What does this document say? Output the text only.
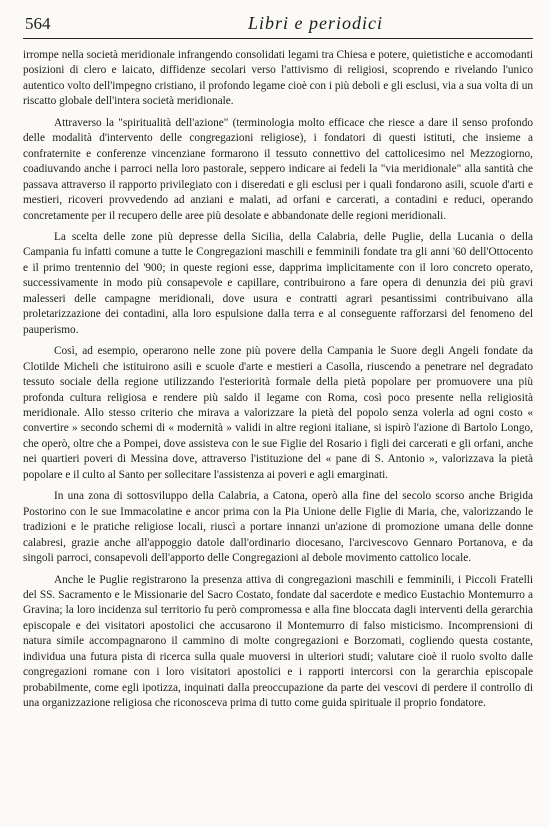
564	Libri e periodici

irrompe nella società meridionale infrangendo consolidati legami tra Chiesa e potere, quietistiche e accomodanti posizioni di clero e laicato, diffidenze secolari verso l'attivismo di religiosi, scoprendo e rivelando l'unico autentico volto dell'impegno cristiano, il profondo legame cioè con i più deboli e gli esclusi, via a sua volta di un riscatto globale dell'intera società meridionale.

Attraverso la "spiritualità dell'azione" (terminologia molto efficace che riesce a dare il senso profondo delle modalità d'intervento delle congregazioni religiose), i fondatori di questi istituti, che insieme a confraternite e conferenze vincenziane formarono il tessuto connettivo del cattolicesimo nel Mezzogiorno, coadiuvando anche i parroci nella loro pastorale, seppero indicare ai fedeli la "via meridionale" alla santità che passava attraverso il rapporto privilegiato con i diseredati e gli esclusi per i quali fondarono asili, scuole d'arti e mestieri, ricoveri provvedendo ad anziani e malati, ad orfani e carcerati, a contadini e reduci, operando concretamente per il recupero delle aree più desolate e abbandonate delle regioni meridionali.

La scelta delle zone più depresse della Sicilia, della Calabria, delle Puglie, della Lucania o della Campania fu infatti comune a tutte le Congregazioni maschili e femminili fondate tra gli anni '60 dell'Ottocento e il primo trentennio del '900; in queste regioni esse, dapprima implicitamente con il loro concreto operato, successivamente in modo più consapevole e capillare, contribuirono a fare opera di denunzia dei più gravi malesseri delle campagne meridionali, dove usura e contratti agrari pesantissimi contribuivano alla proletarizzazione dei contadini, alla loro espulsione dalla terra e al conseguente rafforzarsi del fenomeno del pauperismo.

Così, ad esempio, operarono nelle zone più povere della Campania le Suore degli Angeli fondate da Clotilde Micheli che istituirono asili e scuole d'arte e mestieri a Casolla, riuscendo a penetrare nel degradato tessuto sociale della regione utilizzando l'esteriorità formale della pietà popolare per promuovere una più profonda cultura religiosa e rendere più saldo il legame con Roma, così poco presente nella religiosità meridionale. Allo stesso criterio che mirava a valorizzare la pietà del popolo senza volerla ad ogni costo « convertire » secondo schemi di « modernità » validi in altre regioni italiane, si ispirò l'azione di Bartolo Longo, che operò, oltre che a Pompei, dove assisteva con le sue Figlie del Rosario i figli dei carcerati e gli orfani, anche nei quartieri poveri di Messina dove, attraverso l'istituzione del « pane di S. Antonio », valorizzava la pietà popolare e il culto al Santo per sollecitare l'assistenza ai poveri e agli emarginati.

In una zona di sottosviluppo della Calabria, a Catona, operò alla fine del secolo scorso anche Brigida Postorino con le sue Immacolatine e ancor prima con la Pia Unione delle Figlie di Maria, che, valorizzando le tradizioni e le pratiche religiose locali, riuscì a portare innanzi un'azione di promozione umana delle donne calabresi, grazie anche all'appoggio datole dall'ordinario diocesano, l'arcivescovo Gennaro Portanova, e da singoli parroci, consapevoli dell'apporto delle Congregazioni al debole movimento cattolico locale.

Anche le Puglie registrarono la presenza attiva di congregazioni maschili e femminili, i Piccoli Fratelli del SS. Sacramento e le Missionarie del Sacro Costato, fondate dal sacerdote e medico Eustachio Montemurro a Gravina; la loro incidenza sul territorio fu però compromessa e alla fine bloccata dagli interventi della gerarchia episcopale e dei visitatori apostolici che accusarono il Montemurro di falso misticismo. Incomprensioni di natura simile accompagnarono il cammino di molte congregazioni e Borzomati, cogliendo questa costante, individua una futura pista di ricerca sulla quale muoversi in ulteriori studi; valutare cioè il ruolo svolto dalle congregazioni romane con i loro visitatori apostolici e i rapporti intercorsi con la gerarchia episcopale probabilmente, come egli ipotizza, inquinati dalla preoccupazione da parte dei vescovi di perdere il controllo di una organizzazione religiosa che riconosceva prima di tutto come guida spirituale il proprio fondatore.
